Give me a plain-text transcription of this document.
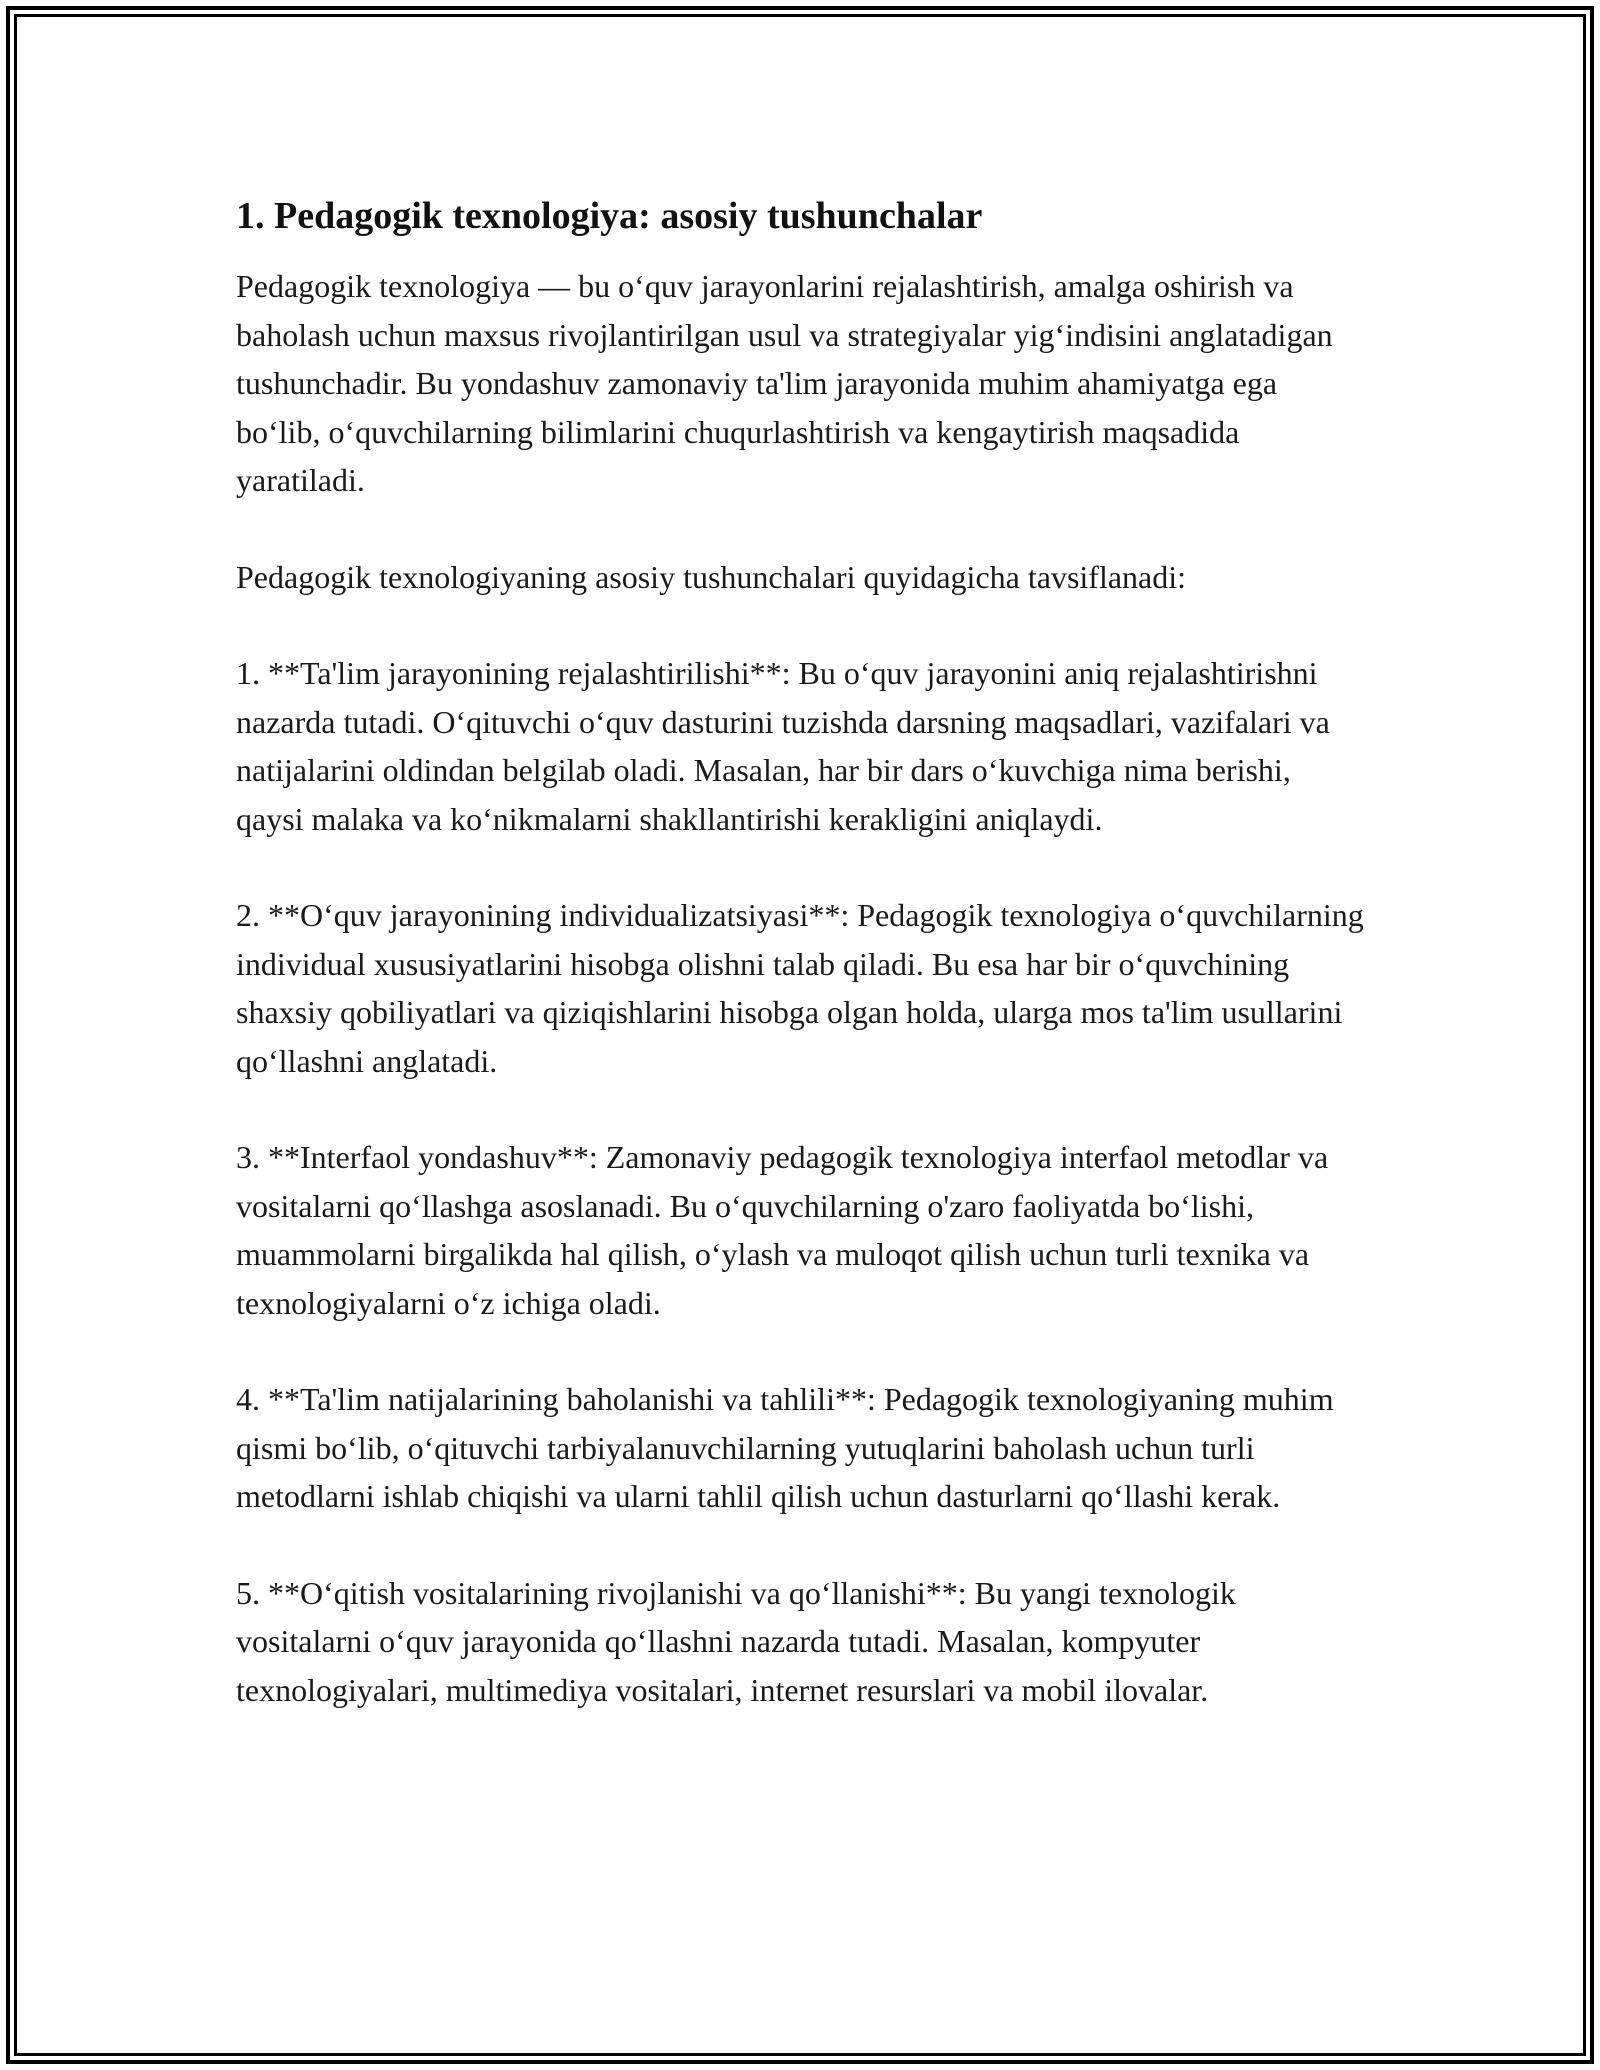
1. Pedagogik texnologiya: asosiy tushunchalar

Pedagogik texnologiya — bu o‘quv jarayonlarini rejalashtirish, amalga oshirish va baholash uchun maxsus rivojlantirilgan usul va strategiyalar yig‘indisini anglatadigan tushunchadir. Bu yondashuv zamonaviy ta'lim jarayonida muhim ahamiyatga ega bo‘lib, o‘quvchilarning bilimlarini chuqurlashtirish va kengaytirish maqsadida yaratiladi.

Pedagogik texnologiyaning asosiy tushunchalari quyidagicha tavsiflanadi:

1. **Ta'lim jarayonining rejalashtirilishi**: Bu o‘quv jarayonini aniq rejalashtirishni nazarda tutadi. O‘qituvchi o‘quv dasturini tuzishda darsning maqsadlari, vazifalari va natijalarini oldindan belgilab oladi. Masalan, har bir dars o‘kuvchiga nima berishi, qaysi malaka va ko‘nikmalarni shakllantirishi kerakligini aniqlaydi.

2. **O‘quv jarayonining individualizatsiyasi**: Pedagogik texnologiya o‘quvchilarning individual xususiyatlarini hisobga olishni talab qiladi. Bu esa har bir o‘quvchining shaxsiy qobiliyatlari va qiziqishlarini hisobga olgan holda, ularga mos ta'lim usullarini qo‘llashni anglatadi.

3. **Interfaol yondashuv**: Zamonaviy pedagogik texnologiya interfaol metodlar va vositalarni qo‘llashga asoslanadi. Bu o‘quvchilarning o'zaro faoliyatda bo‘lishi, muammolarni birgalikda hal qilish, o‘ylash va muloqot qilish uchun turli texnika va texnologiyalarni o‘z ichiga oladi.

4. **Ta'lim natijalarining baholanishi va tahlili**: Pedagogik texnologiyaning muhim qismi bo‘lib, o‘qituvchi tarbiyalanuvchilarning yutuqlarini baholash uchun turli metodlarni ishlab chiqishi va ularni tahlil qilish uchun dasturlarni qo‘llashi kerak.

5. **O‘qitish vositalarining rivojlanishi va qo‘llanishi**: Bu yangi texnologik vositalarni o‘quv jarayonida qo‘llashni nazarda tutadi. Masalan, kompyuter texnologiyalari, multimediya vositalari, internet resurslari va mobil ilovalar.
